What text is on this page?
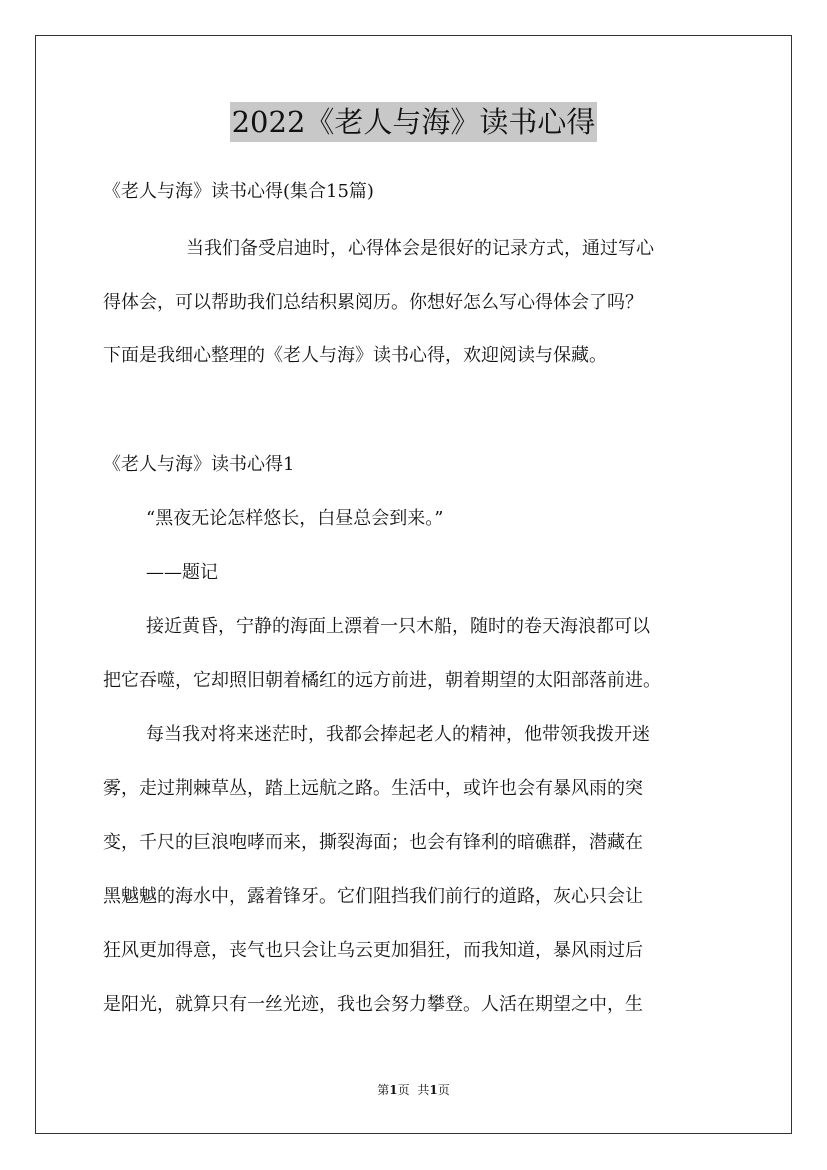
2022《老人与海》读书心得
《老人与海》读书心得(集合15篇)
当我们备受启迪时，心得体会是很好的记录方式，通过写心
得体会，可以帮助我们总结积累阅历。你想好怎么写心得体会了吗？
下面是我细心整理的《老人与海》读书心得，欢迎阅读与保藏。
《老人与海》读书心得1
“黑夜无论怎样悠长，白昼总会到来。”
——题记
接近黄昏，宁静的海面上漂着一只木船，随时的卷天海浪都可以
把它吞噬，它却照旧朝着橘红的远方前进，朝着期望的太阳部落前进。
每当我对将来迷茫时，我都会捧起老人的精神，他带领我拨开迷
雾，走过荆棘草丛，踏上远航之路。生活中，或许也会有暴风雨的突
变，千尺的巨浪咆哮而来，撕裂海面；也会有锋利的暗礁群，潜藏在
黑魆魆的海水中，露着锋牙。它们阻挡我们前行的道路，灰心只会让
狂风更加得意，丧气也只会让乌云更加猖狂，而我知道，暴风雨过后
是阳光，就算只有一丝光迹，我也会努力攀登。人活在期望之中，生
第1页 共1页
